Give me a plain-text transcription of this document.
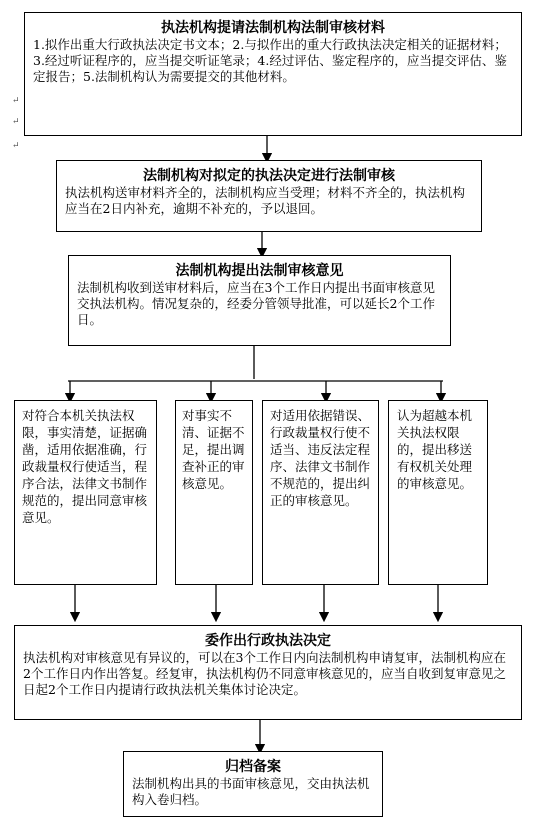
↵
↵
↵

执法机构提请法制机构法制审核材料

1.拟作出重大行政执法决定书文本；2.与拟作出的重大行政执法决定相关的证据材料；3.经过听证程序的，应当提交听证笔录；4.经过评估、鉴定程序的，应当提交评估、鉴定报告；5.法制机构认为需要提交的其他材料。

法制机构对拟定的执法决定进行法制审核

执法机构送审材料齐全的，法制机构应当受理；材料不齐全的，执法机构应当在2日内补充，逾期不补充的，予以退回。

法制机构提出法制审核意见

法制机构收到送审材料后，应当在3个工作日内提出书面审核意见交执法机构。情况复杂的，经委分管领导批准，可以延长2个工作日。

对符合本机关执法权限，事实清楚，证据确凿，适用依据准确，行政裁量权行使适当，程序合法，法律文书制作规范的，提出同意审核意见。

对事实不清、证据不足，提出调查补正的审核意见。

对适用依据错误、行政裁量权行使不适当、违反法定程序、法律文书制作不规范的，提出纠正的审核意见。

认为超越本机关执法权限的，提出移送有权机关处理的审核意见。

委作出行政执法决定

执法机构对审核意见有异议的，可以在3个工作日内向法制机构申请复审，法制机构应在2个工作日内作出答复。经复审，执法机构仍不同意审核意见的，应当自收到复审意见之日起2个工作日内提请行政执法机关集体讨论决定。

归档备案

法制机构出具的书面审核意见，交由执法机构入卷归档。
